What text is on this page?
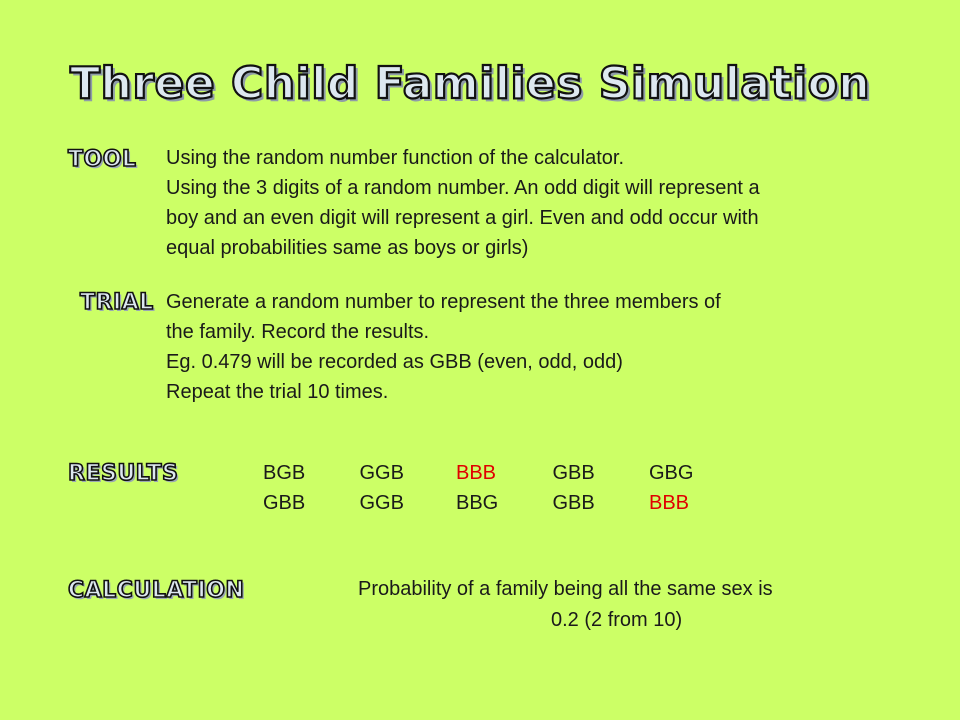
Three Child Families Simulation
TOOL Using the random number function of the calculator.
Using the 3 digits of a random number. An odd digit will represent a
boy and an even digit will represent a girl. Even and odd occur with
equal probabilities same as boys or girls)
TRIAL Generate a random number to represent the three members of
the family. Record the results.
Eg. 0.479 will be recorded as GBB (even, odd, odd)
Repeat the trial 10 times.
RESULTS	BGB	GGB	BBB	GBB	GBG
GBB	GGB	BBG	GBB	BBB
CALCULATION	Probability of a family being all the same sex is
0.2 (2 from 10)
